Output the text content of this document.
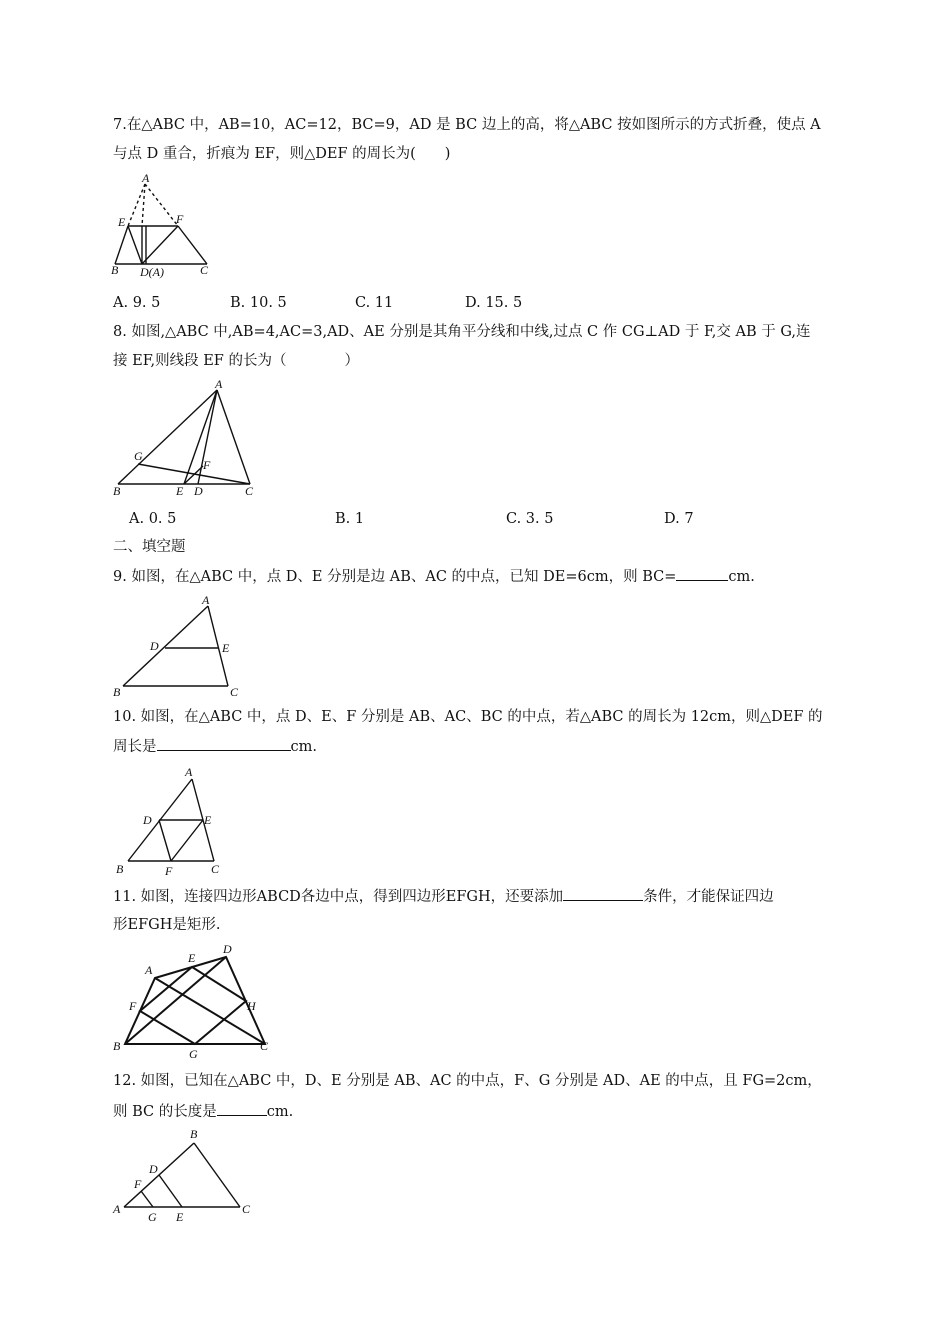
7.在△ABC 中，AB=10，AC=12，BC=9，AD 是 BC 边上的高，将△ABC 按如图所示的方式折叠，使点 A
与点 D 重合，折痕为 EF，则△DEF 的周长为(　　)
A
E	F
B D(A)	C
A. 9. 5	B. 10. 5	C. 11	D. 15. 5
8. 如图,△ABC 中,AB=4,AC=3,AD、AE 分别是其角平分线和中线,过点 C 作 CG⊥AD 于 F,交 AB 于 G,连
接 EF,则线段 EF 的长为（　　　　）
A
G
F
B	E D	C
A. 0. 5	B. 1	C. 3. 5	D. 7
二、填空题
9. 如图，在△ABC 中，点 D、E 分别是边 AB、AC 的中点，已知 DE=6cm，则 BC=	cm.
A
D	E
B	C
10. 如图，在△ABC 中，点 D、E、F 分别是 AB、AC、BC 的中点，若△ABC 的周长为 12cm，则△DEF 的
周长是	cm.
A
D	E
B	F	C
11. 如图，连接四边形ABCD各边中点，得到四边形EFGH，还要添加	条件，才能保证四边
形EFGH是矩形.
A
E
D
F	H
B
G
C
12. 如图，已知在△ABC 中，D、E 分别是 AB、AC 的中点，F、G 分别是 AD、AE 的中点，且 FG=2cm，
则 BC 的长度是	cm.
B
D
F
A
G E
C
